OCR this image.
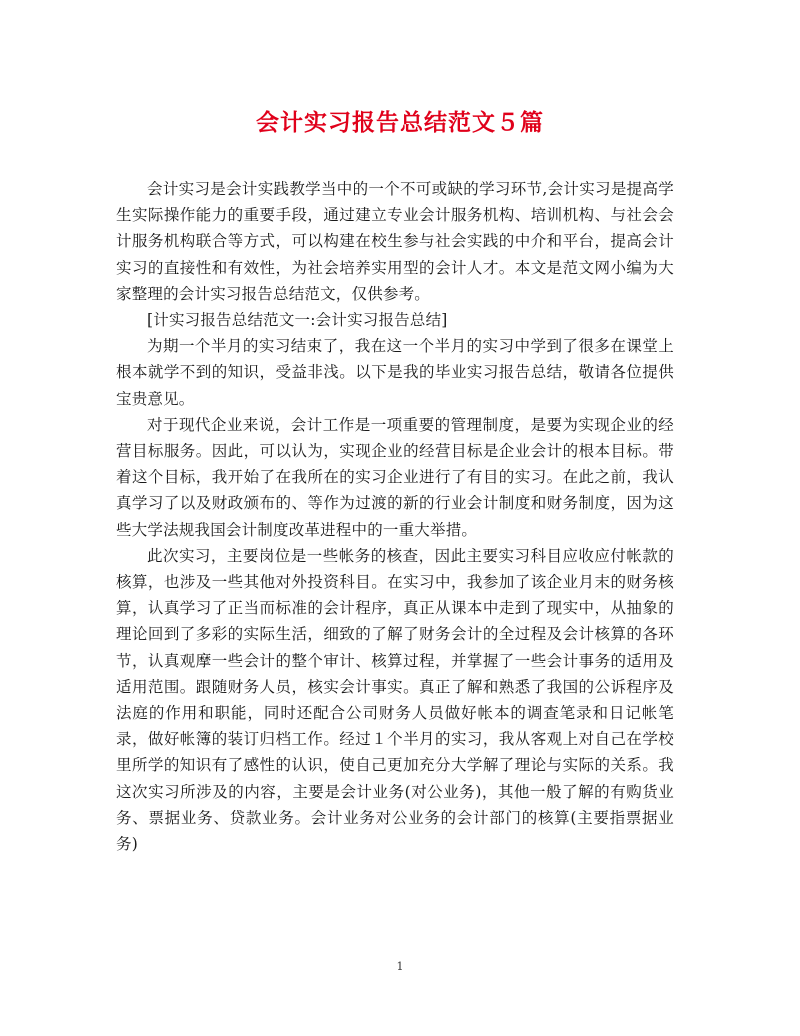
会计实习报告总结范文５篇

会计实习是会计实践教学当中的一个不可或缺的学习环节,会计实习是提高学生实际操作能力的重要手段，通过建立专业会计服务机构、培训机构、与社会会计服务机构联合等方式，可以构建在校生参与社会实践的中介和平台，提高会计实习的直接性和有效性，为社会培养实用型的会计人才。本文是范文网小编为大家整理的会计实习报告总结范文，仅供参考。

[计实习报告总结范文一:会计实习报告总结]

为期一个半月的实习结束了，我在这一个半月的实习中学到了很多在课堂上根本就学不到的知识，受益非浅。以下是我的毕业实习报告总结，敬请各位提供宝贵意见。

对于现代企业来说，会计工作是一项重要的管理制度，是要为实现企业的经营目标服务。因此，可以认为，实现企业的经营目标是企业会计的根本目标。带着这个目标，我开始了在我所在的实习企业进行了有目的实习。在此之前，我认真学习了以及财政颁布的、等作为过渡的新的行业会计制度和财务制度，因为这些大学法规我国会计制度改革进程中的一重大举措。

此次实习，主要岗位是一些帐务的核查，因此主要实习科目应收应付帐款的核算，也涉及一些其他对外投资科目。在实习中，我参加了该企业月末的财务核算，认真学习了正当而标准的会计程序，真正从课本中走到了现实中，从抽象的理论回到了多彩的实际生活，细致的了解了财务会计的全过程及会计核算的各环节，认真观摩一些会计的整个审计、核算过程，并掌握了一些会计事务的适用及适用范围。跟随财务人员，核实会计事实。真正了解和熟悉了我国的公诉程序及法庭的作用和职能，同时还配合公司财务人员做好帐本的调查笔录和日记帐笔录，做好帐簿的装订归档工作。经过１个半月的实习，我从客观上对自己在学校里所学的知识有了感性的认识，使自己更加充分大学解了理论与实际的关系。我这次实习所涉及的内容，主要是会计业务(对公业务)，其他一般了解的有购货业务、票据业务、贷款业务。会计业务对公业务的会计部门的核算(主要指票据业务)

1
